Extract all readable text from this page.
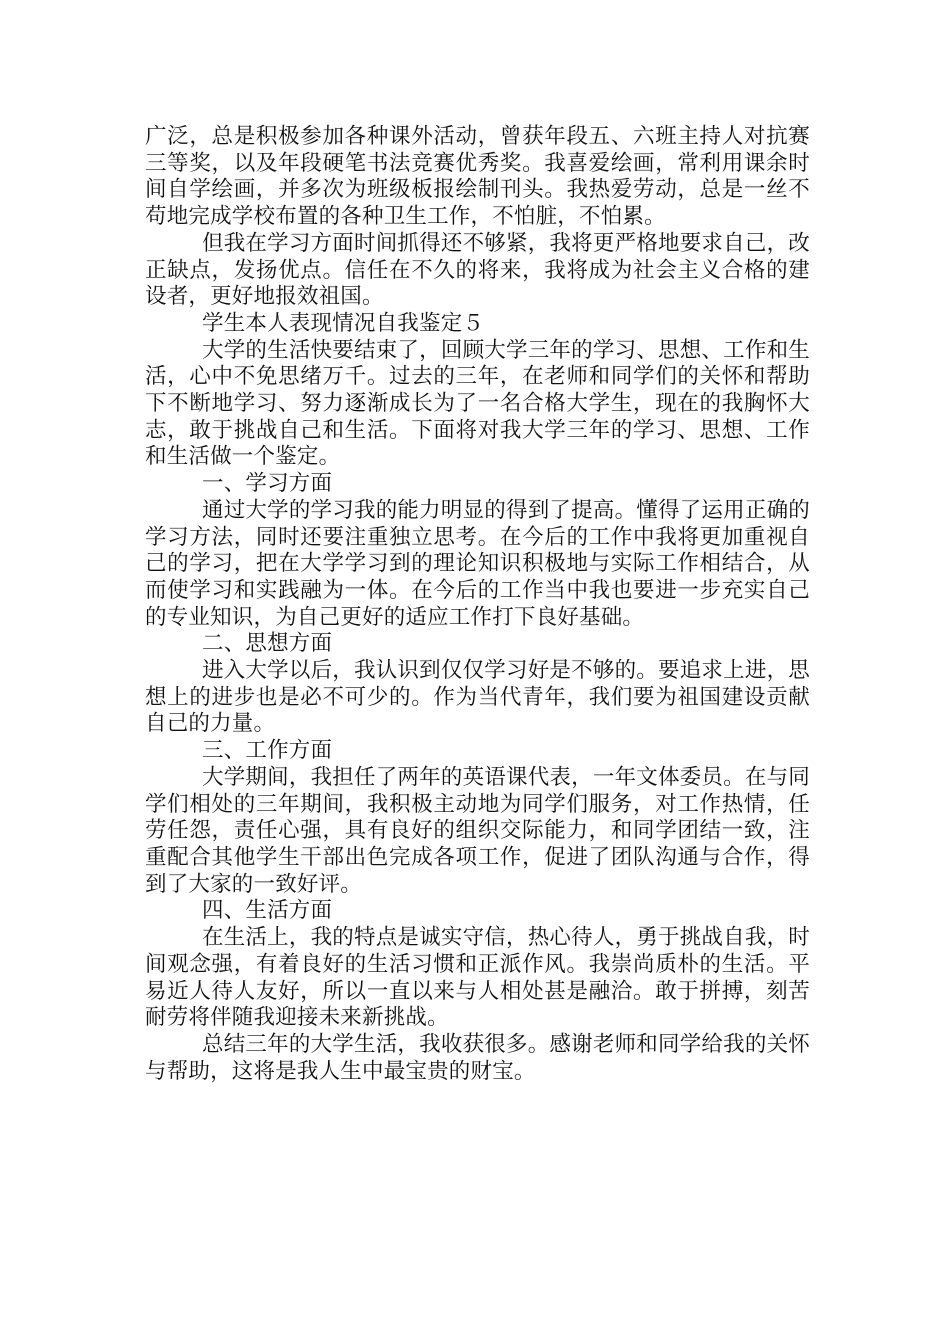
广泛，总是积极参加各种课外活动，曾获年段五、六班主持人对抗赛三等奖，以及年段硬笔书法竞赛优秀奖。我喜爱绘画，常利用课余时间自学绘画，并多次为班级板报绘制刊头。我热爱劳动，总是一丝不苟地完成学校布置的各种卫生工作，不怕脏，不怕累。

但我在学习方面时间抓得还不够紧，我将更严格地要求自己，改正缺点，发扬优点。信任在不久的将来，我将成为社会主义合格的建设者，更好地报效祖国。

学生本人表现情况自我鉴定５

大学的生活快要结束了，回顾大学三年的学习、思想、工作和生活，心中不免思绪万千。过去的三年，在老师和同学们的关怀和帮助下不断地学习、努力逐渐成长为了一名合格大学生，现在的我胸怀大志，敢于挑战自己和生活。下面将对我大学三年的学习、思想、工作和生活做一个鉴定。

一、学习方面

通过大学的学习我的能力明显的得到了提高。懂得了运用正确的学习方法，同时还要注重独立思考。在今后的工作中我将更加重视自己的学习，把在大学学习到的理论知识积极地与实际工作相结合，从而使学习和实践融为一体。在今后的工作当中我也要进一步充实自己的专业知识，为自己更好的适应工作打下良好基础。

二、思想方面

进入大学以后，我认识到仅仅学习好是不够的。要追求上进，思想上的进步也是必不可少的。作为当代青年，我们要为祖国建设贡献自己的力量。

三、工作方面

大学期间，我担任了两年的英语课代表，一年文体委员。在与同学们相处的三年期间，我积极主动地为同学们服务，对工作热情，任劳任怨，责任心强，具有良好的组织交际能力，和同学团结一致，注重配合其他学生干部出色完成各项工作，促进了团队沟通与合作，得到了大家的一致好评。

四、生活方面

在生活上，我的特点是诚实守信，热心待人，勇于挑战自我，时间观念强，有着良好的生活习惯和正派作风。我崇尚质朴的生活。平易近人待人友好，所以一直以来与人相处甚是融洽。敢于拼搏，刻苦耐劳将伴随我迎接未来新挑战。

总结三年的大学生活，我收获很多。感谢老师和同学给我的关怀与帮助，这将是我人生中最宝贵的财宝。
